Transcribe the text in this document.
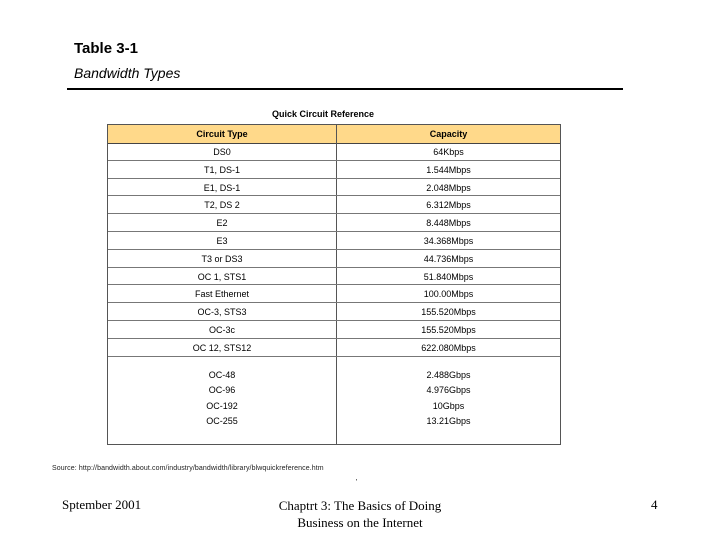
Table 3-1
Bandwidth Types
Quick Circuit Reference
Circuit Type	Capacity
DS0	64Kbps
T1, DS-1	1.544Mbps
E1, DS-1	2.048Mbps
T2, DS 2	6.312Mbps
E2	8.448Mbps
E3	34.368Mbps
T3 or DS3	44.736Mbps
OC 1, STS1	51.840Mbps
Fast Ethernet	100.00Mbps
OC-3, STS3	155.520Mbps
OC-3c	155.520Mbps
OC 12, STS12	622.080Mbps
OC-48	2.488Gbps
OC-96	4.976Gbps
OC-192	10Gbps
OC-255	13.21Gbps
Source: http://bandwidth.about.com/industry/bandwidth/library/blwquickreference.htm
'
Sptember 2001	Chaptrt 3: The Basics of Doing
Business on the Internet
4
